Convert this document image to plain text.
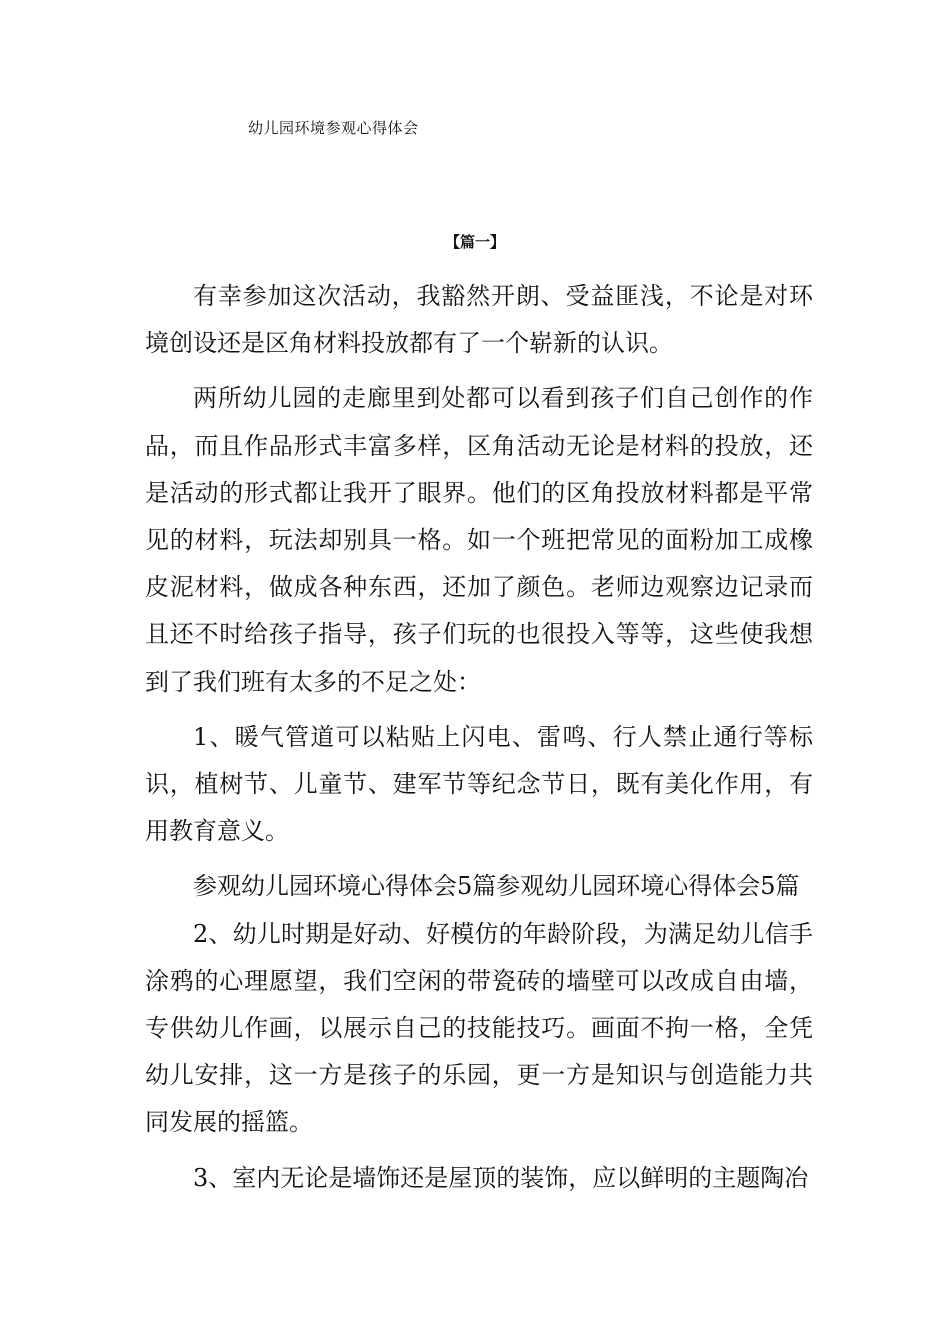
幼儿园环境参观心得体会
【篇一】

有幸参加这次活动，我豁然开朗、受益匪浅，不论是对环境创设还是区角材料投放都有了一个崭新的认识。

两所幼儿园的走廊里到处都可以看到孩子们自己创作的作品，而且作品形式丰富多样，区角活动无论是材料的投放，还是活动的形式都让我开了眼界。他们的区角投放材料都是平常见的材料，玩法却别具一格。如一个班把常见的面粉加工成橡皮泥材料，做成各种东西，还加了颜色。老师边观察边记录而且还不时给孩子指导，孩子们玩的也很投入等等，这些使我想到了我们班有太多的不足之处：

1、暖气管道可以粘贴上闪电、雷鸣、行人禁止通行等标识，植树节、儿童节、建军节等纪念节日，既有美化作用，有用教育意义。

参观幼儿园环境心得体会5篇参观幼儿园环境心得体会5篇

2、幼儿时期是好动、好模仿的年龄阶段，为满足幼儿信手涂鸦的心理愿望，我们空闲的带瓷砖的墙壁可以改成自由墙，专供幼儿作画，以展示自己的技能技巧。画面不拘一格，全凭幼儿安排，这一方是孩子的乐园，更一方是知识与创造能力共同发展的摇篮。

3、室内无论是墙饰还是屋顶的装饰，应以鲜明的主题陶冶
